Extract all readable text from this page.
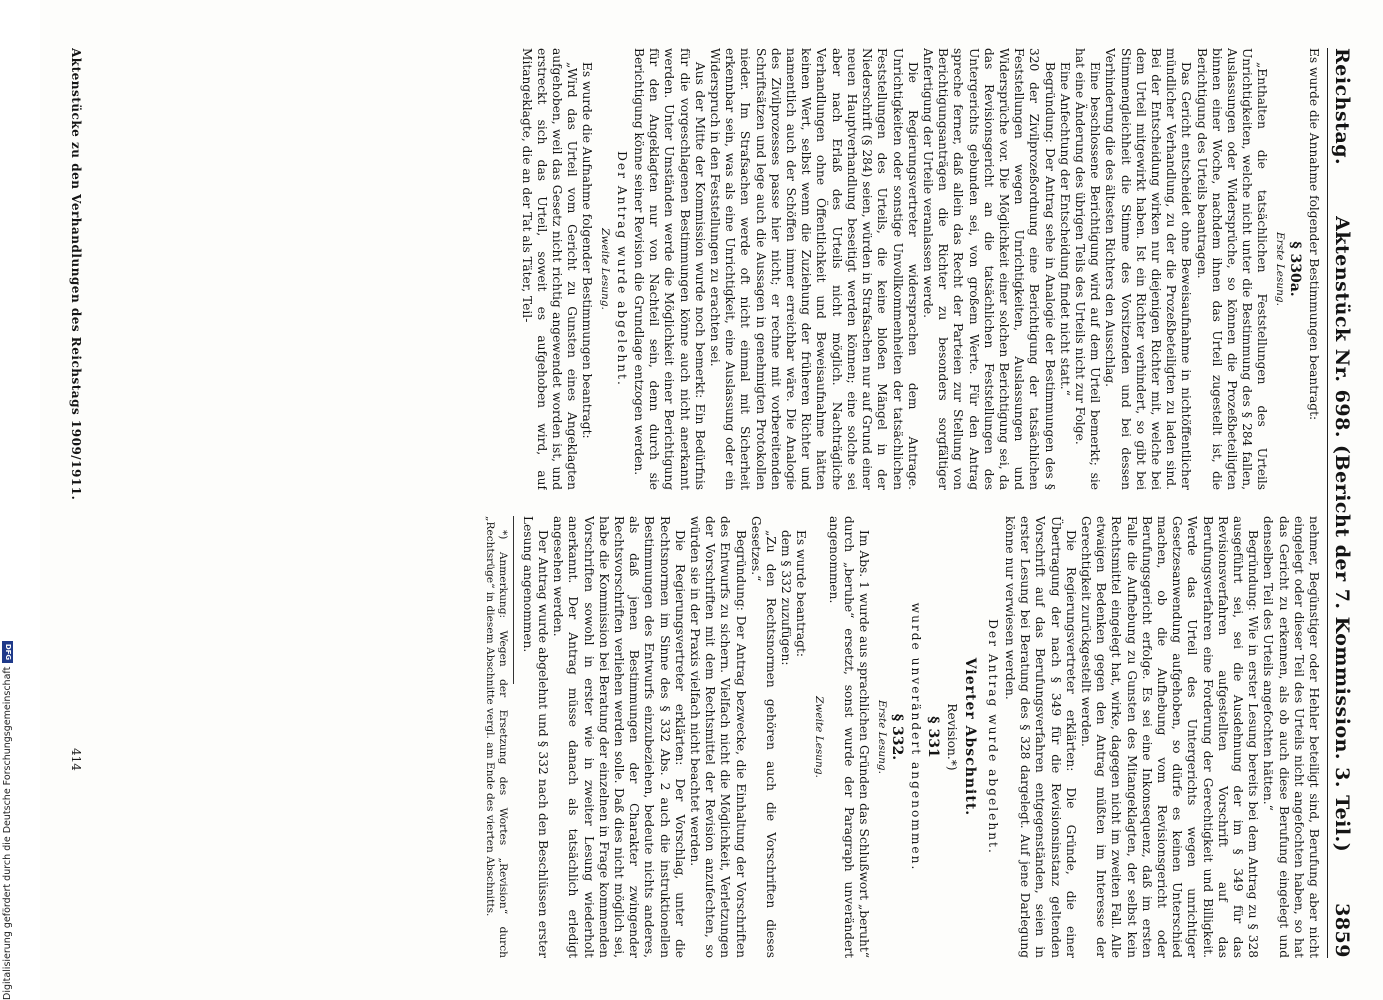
Reichstag.
Aktenstück Nr. 698. (Bericht der 7. Kommission. 3. Teil.)
3859

Es wurde die Annahme folgender Bestimmungen beantragt:

§ 330a.
Erste Lesung.

„Enthalten die tatsächlichen Feststellungen des Urteils Unrichtigkeiten, welche nicht unter die Bestimmung des § 284 fallen, Auslassungen oder Widersprüche, so können die Prozeßbeteiligten binnen einer Woche, nachdem ihnen das Urteil zugestellt ist, die Berichtigung des Urteils beantragen.

Das Gericht entscheidet ohne Beweisaufnahme in nichtöffentlicher mündlicher Verhandlung, zu der die Prozeßbeteiligten zu laden sind. Bei der Entscheidung wirken nur diejenigen Richter mit, welche bei dem Urteil mitgewirkt haben. Ist ein Richter verhindert, so gibt bei Stimmengleichheit die Stimme des Vorsitzenden und bei dessen Verhinderung die des ältesten Richters den Ausschlag.

Eine beschlossene Berichtigung wird auf dem Urteil bemerkt; sie hat eine Änderung des übrigen Teils des Urteils nicht zur Folge.

Eine Anfechtung der Entscheidung findet nicht statt.“

Begründung: Der Antrag sehe in Analogie der Bestimmungen des § 320 der Zivilprozeßordnung eine Berichtigung der tatsächlichen Feststellungen wegen Unrichtigkeiten, Auslassungen und Widersprüche vor. Die Möglichkeit einer solchen Berichtigung sei, da das Revisionsgericht an die tatsächlichen Feststellungen des Untergerichts gebunden sei, von großem Werte. Für den Antrag spreche ferner, daß allein das Recht der Parteien zur Stellung von Berichtigungsanträgen die Richter zu besonders sorgfältiger Anfertigung der Urteile veranlassen werde.

Die Regierungsvertreter widersprachen dem Antrage. Unrichtigkeiten oder sonstige Unvollkommenheiten der tatsächlichen Feststellungen des Urteils, die keine bloßen Mängel in der Niederschrift (§ 284) seien, würden in Strafsachen nur auf Grund einer neuen Hauptverhandlung beseitigt werden können; eine solche sei aber nach Erlaß des Urteils nicht möglich. Nachträgliche Verhandlungen ohne Öffentlichkeit und Beweisaufnahme hätten keinen Wert, selbst wenn die Zuziehung der früheren Richter und namentlich auch der Schöffen immer erreichbar wäre. Die Analogie des Zivilprozesses passe hier nicht; er rechne mit vorbereitenden Schriftsätzen und lege auch die Aussagen in genehmigten Protokollen nieder. Im Strafsachen werde oft nicht einmal mit Sicherheit erkennbar sein, was als eine Unrichtigkeit, eine Auslassung oder ein Widerspruch in den Feststellungen zu erachten sei.

Aus der Mitte der Kommission wurde noch bemerkt: Ein Bedürfnis für die vorgeschlagenen Bestimmungen könne auch nicht anerkannt werden. Unter Umständen werde die Möglichkeit einer Berichtigung für den Angeklagten nur von Nachteil sein, denn durch sie Berichtigung könne seiner Revision die Grundlage entzogen werden.

Der Antrag wurde abgelehnt.
Zweite Lesung.

Es wurde die Aufnahme folgender Bestimmungen beantragt:

„Wird das Urteil vom Gericht zu Gunsten eines Angeklagten aufgehoben, weil das Gesetz nicht richtig angewendet worden ist, und erstreckt sich das Urteil, soweit es aufgehoben wird, auf Mitangeklagte, die an der Tat als Täter, Teil-

nehmer, Begünstiger oder Hehler beteiligt sind, Berufung aber nicht eingelegt oder dieser Teil des Urteils nicht angefochten haben, so hat das Gericht zu erkennen, als ob auch diese Berufung eingelegt und denselben Teil des Urteils angefochten hätten.“

Begründung: Wie in erster Lesung bereits bei dem Antrag zu § 328 ausgeführt sei, sei die Ausdehnung der im § 349 für das Revisionsverfahren aufgestellten Vorschrift auf das Berufungsverfahren eine Forderung der Gerechtigkeit und Billigkeit. Werde das Urteil des Untergerichts wegen unrichtiger Gesetzesanwendung aufgehoben, so dürfe es keinen Unterschied machen, ob die Aufhebung vom Revisionsgericht oder Berufungsgericht erfolge. Es sei eine Inkonsequenz, daß im ersten Falle die Aufhebung zu Gunsten des Mitangeklagten, der selbst kein Rechtsmittel eingelegt hat, wirke, dagegen nicht im zweiten Fall. Alle etwaigen Bedenken gegen den Antrag müßten im Interesse der Gerechtigkeit zurückgestellt werden.

Die Regierungsvertreter erklärten: Die Gründe, die einer Übertragung der nach § 349 für die Revisionsinstanz geltenden Vorschrift auf das Berufungsverfahren entgegenständen, seien in erster Lesung bei Beratung des § 328 dargelegt. Auf jene Darlegung könne nur verwiesen werden.

Der Antrag wurde abgelehnt.
Vierter Abschnitt.
Revision.*)
§ 331
wurde unverändert angenommen.
§ 332.
Erste Lesung.

Im Abs. 1 wurde aus sprachlichen Gründen das Schlußwort „beruht“ durch „beruhe“ ersetzt, sonst wurde der Paragraph unverändert angenommen.

Zweite Lesung.

Es wurde beantragt:

dem § 332 zuzufügen:

„Zu den Rechtsnormen gehören auch die Vorschriften dieses Gesetzes.“

Begründung: Der Antrag bezwecke, die Einhaltung der Vorschriften des Entwurfs zu sichern. Vielfach nicht die Möglichkeit, Verletzungen der Vorschriften mit dem Rechtsmittel der Revision anzufechten, so würden sie in der Praxis vielfach nicht beachtet werden.

Die Regierungsvertreter erklärten: Der Vorschlag, unter die Rechtsnormen im Sinne des § 332 Abs. 2 auch die instruktionellen Bestimmungen des Entwurfs einzubeziehen, bedeute nichts anderes, als daß jenen Bestimmungen der Charakter zwingender Rechtsvorschriften verliehen werden solle. Daß dies nicht möglich sei, habe die Kommission bei Beratung der einzelnen in Frage kommenden Vorschriften sowohl in erster wie in zweiter Lesung wiederholt anerkannt. Der Antrag müsse danach als tatsächlich erledigt angesehen werden.

Der Antrag wurde abgelehnt und § 332 nach den Beschlüssen erster Lesung angenommen.

*) Anmerkung: Wegen der Ersetzung des Wortes „Revision“ durch „Rechtsrüge“ in diesem Abschnitte vergl. am Ende des vierten Abschnitts.

Aktenstücke zu den Verhandlungen des Reichstags 1909/1911.
414
Digitalisierung gefördert durch die Deutsche Forschungsgemeinschaft
DFG
